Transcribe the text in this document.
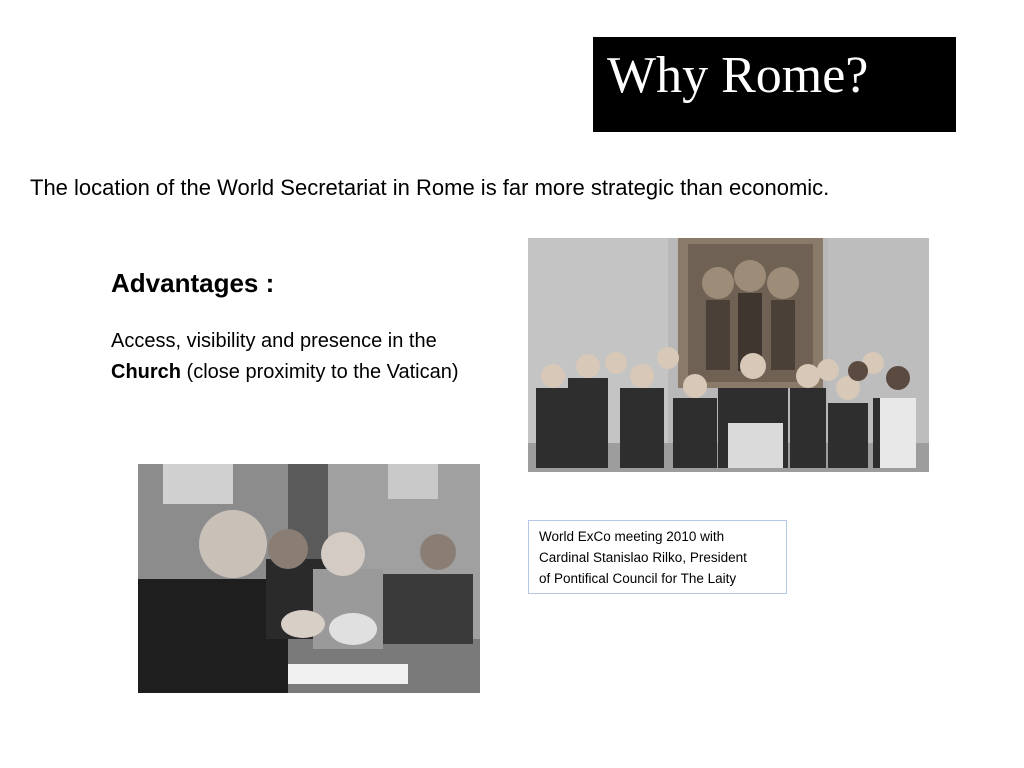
Why Rome?
The location of the World Secretariat in Rome is far more strategic than economic.
Advantages :
Access, visibility and presence in the
Church (close proximity to the Vatican)

World ExCo meeting 2010 with

Cardinal Stanislao Rilko, President

of Pontifical Council for The Laity
